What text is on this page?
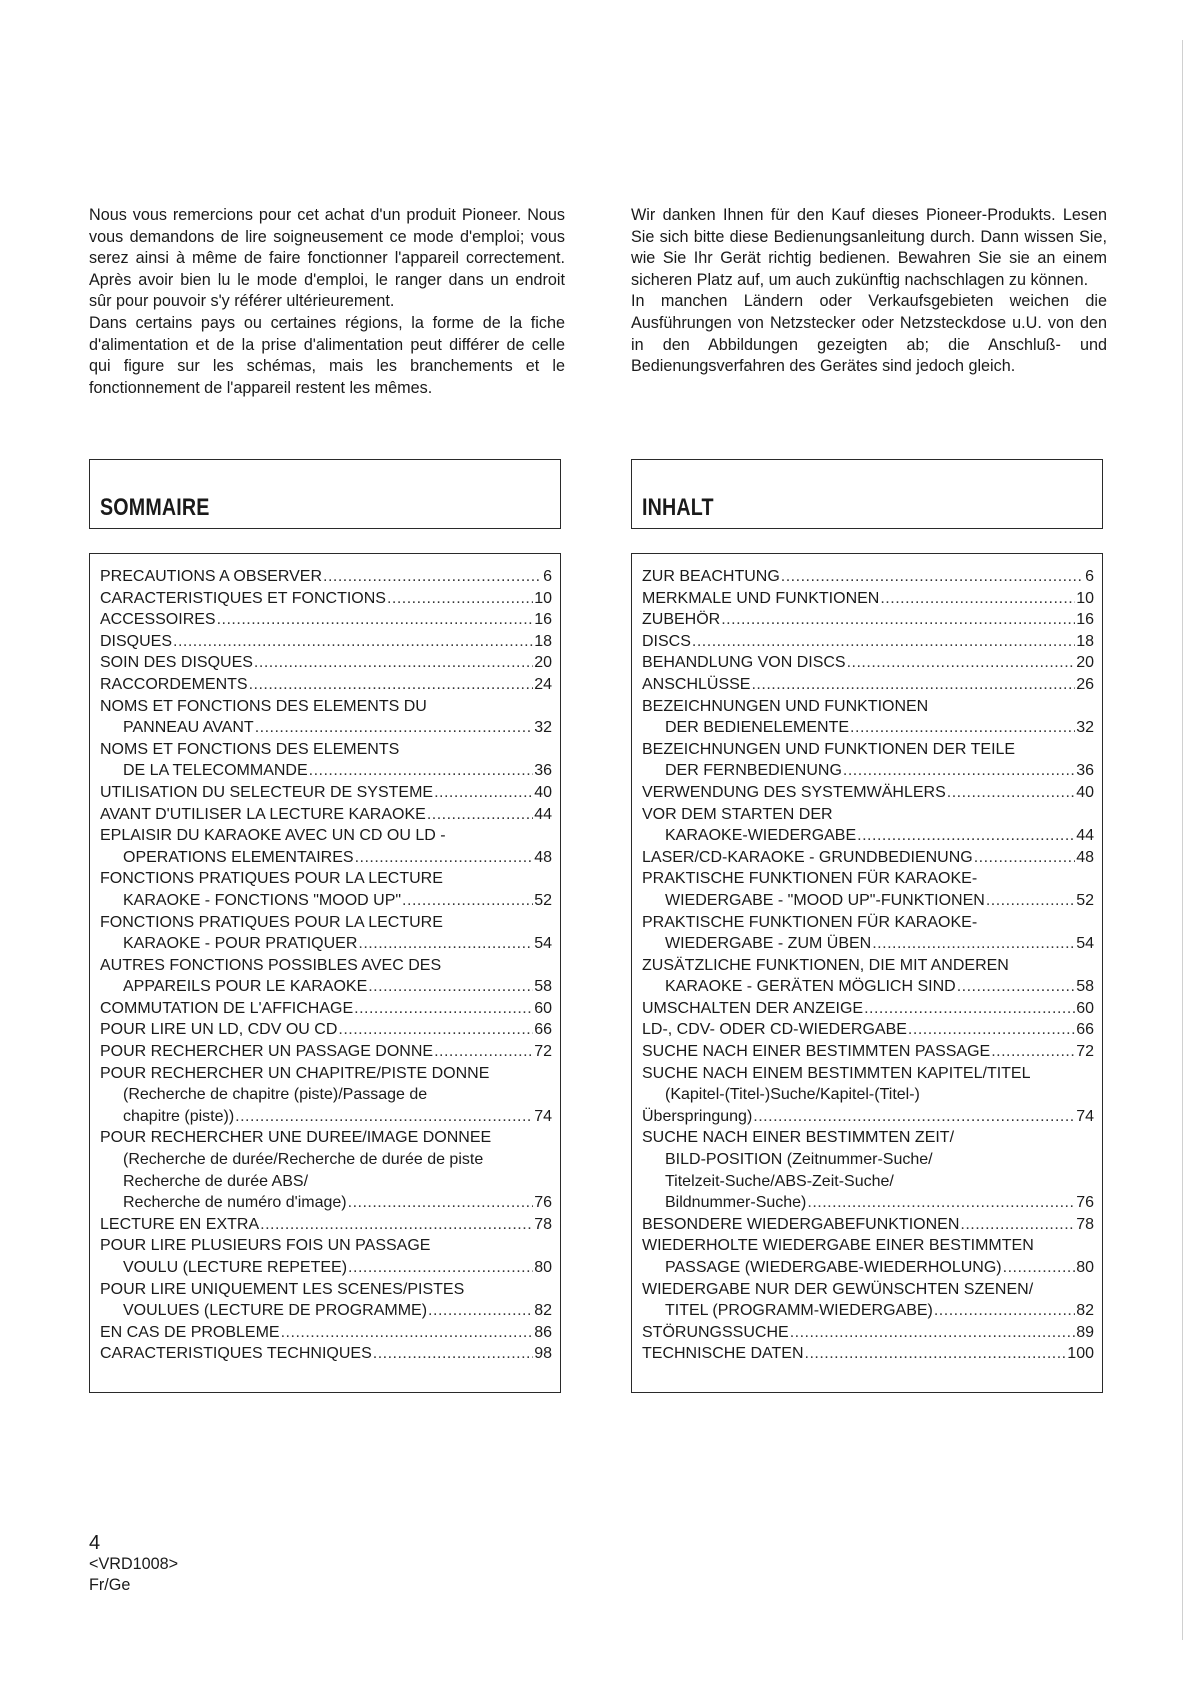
Nous vous remercions pour cet achat d'un produit Pioneer. Nous vous demandons de lire soigneusement ce mode d'emploi; vous serez ainsi à même de faire fonctionner l'appareil correctement. Après avoir bien lu le mode d'emploi, le ranger dans un endroit sûr pour pouvoir s'y référer ultérieurement.

Dans certains pays ou certaines régions, la forme de la fiche d'alimentation et de la prise d'alimentation peut différer de celle qui figure sur les schémas, mais les branchements et le fonctionnement de l'appareil restent les mêmes.

SOMMAIRE
PRECAUTIONS A OBSERVER .....	6
CARACTERISTIQUES ET FONCTIONS .....	10
ACCESSOIRES .....	16
DISQUES .....	18
SOIN DES DISQUES .....	20
RACCORDEMENTS .....	24
NOMS ET FONCTIONS DES ELEMENTS DU
PANNEAU AVANT .....	32
NOMS ET FONCTIONS DES ELEMENTS
DE LA TELECOMMANDE .....	36
UTILISATION DU SELECTEUR DE SYSTEME .....	40
AVANT D'UTILISER LA LECTURE KARAOKE .....	44
EPLAISIR DU KARAOKE AVEC UN CD OU LD -
OPERATIONS ELEMENTAIRES .....	48
FONCTIONS PRATIQUES POUR LA LECTURE
KARAOKE - FONCTIONS "MOOD UP" .....	52
FONCTIONS PRATIQUES POUR LA LECTURE
KARAOKE - POUR PRATIQUER .....	54
AUTRES FONCTIONS POSSIBLES AVEC DES
APPAREILS POUR LE KARAOKE .....	58
COMMUTATION DE L'AFFICHAGE .....	60
POUR LIRE UN LD, CDV OU CD .....	66
POUR RECHERCHER UN PASSAGE DONNE .....	72
POUR RECHERCHER UN CHAPITRE/PISTE DONNE
(Recherche de chapitre (piste)/Passage de
chapitre (piste)) .....	74
POUR RECHERCHER UNE DUREE/IMAGE DONNEE
(Recherche de durée/Recherche de durée de piste
Recherche de durée ABS/
Recherche de numéro d'image) .....	76
LECTURE EN EXTRA .....	78
POUR LIRE PLUSIEURS FOIS UN PASSAGE
VOULU (LECTURE REPETEE) .....	80
POUR LIRE UNIQUEMENT LES SCENES/PISTES
VOULUES (LECTURE DE PROGRAMME) .....	82
EN CAS DE PROBLEME .....	86
CARACTERISTIQUES TECHNIQUES .....	98

Wir danken Ihnen für den Kauf dieses Pioneer-Produkts. Lesen Sie sich bitte diese Bedienungsanleitung durch. Dann wissen Sie, wie Sie Ihr Gerät richtig bedienen. Bewahren Sie sie an einem sicheren Platz auf, um auch zukünftig nachschlagen zu können.

In manchen Ländern oder Verkaufsgebieten weichen die Ausführungen von Netzstecker oder Netzsteckdose u.U. von den in den Abbildungen gezeigten ab; die Anschluß- und Bedienungsverfahren des Gerätes sind jedoch gleich.

INHALT
ZUR BEACHTUNG .....	6
MERKMALE UND FUNKTIONEN .....	10
ZUBEHÖR .....	16
DISCS .....	18
BEHANDLUNG VON DISCS .....	20
ANSCHLÜSSE .....	26
BEZEICHNUNGEN UND FUNKTIONEN
DER BEDIENELEMENTE .....	32
BEZEICHNUNGEN UND FUNKTIONEN DER TEILE
DER FERNBEDIENUNG .....	36
VERWENDUNG DES SYSTEMWÄHLERS .....	40
VOR DEM STARTEN DER
KARAOKE-WIEDERGABE .....	44
LASER/CD-KARAOKE - GRUNDBEDIENUNG .....	48
PRAKTISCHE FUNKTIONEN FÜR KARAOKE-
WIEDERGABE - "MOOD UP"-FUNKTIONEN .....	52
PRAKTISCHE FUNKTIONEN FÜR KARAOKE-
WIEDERGABE - ZUM ÜBEN .....	54
ZUSÄTZLICHE FUNKTIONEN, DIE MIT ANDEREN
KARAOKE - GERÄTEN MÖGLICH SIND .....	58
UMSCHALTEN DER ANZEIGE .....	60
LD-, CDV- ODER CD-WIEDERGABE .....	66
SUCHE NACH EINER BESTIMMTEN PASSAGE .....	72
SUCHE NACH EINEM BESTIMMTEN KAPITEL/TITEL
(Kapitel-(Titel-)Suche/Kapitel-(Titel-)
Überspringung) .....	74
SUCHE NACH EINER BESTIMMTEN ZEIT/
BILD-POSITION (Zeitnummer-Suche/
Titelzeit-Suche/ABS-Zeit-Suche/
Bildnummer-Suche) .....	76
BESONDERE WIEDERGABEFUNKTIONEN .....	78
WIEDERHOLTE WIEDERGABE EINER BESTIMMTEN
PASSAGE (WIEDERGABE-WIEDERHOLUNG) .....	80
WIEDERGABE NUR DER GEWÜNSCHTEN SZENEN/
TITEL (PROGRAMM-WIEDERGABE) .....	82
STÖRUNGSSUCHE .....	89
TECHNISCHE DATEN .....	100
4
<VRD1008>
Fr/Ge
